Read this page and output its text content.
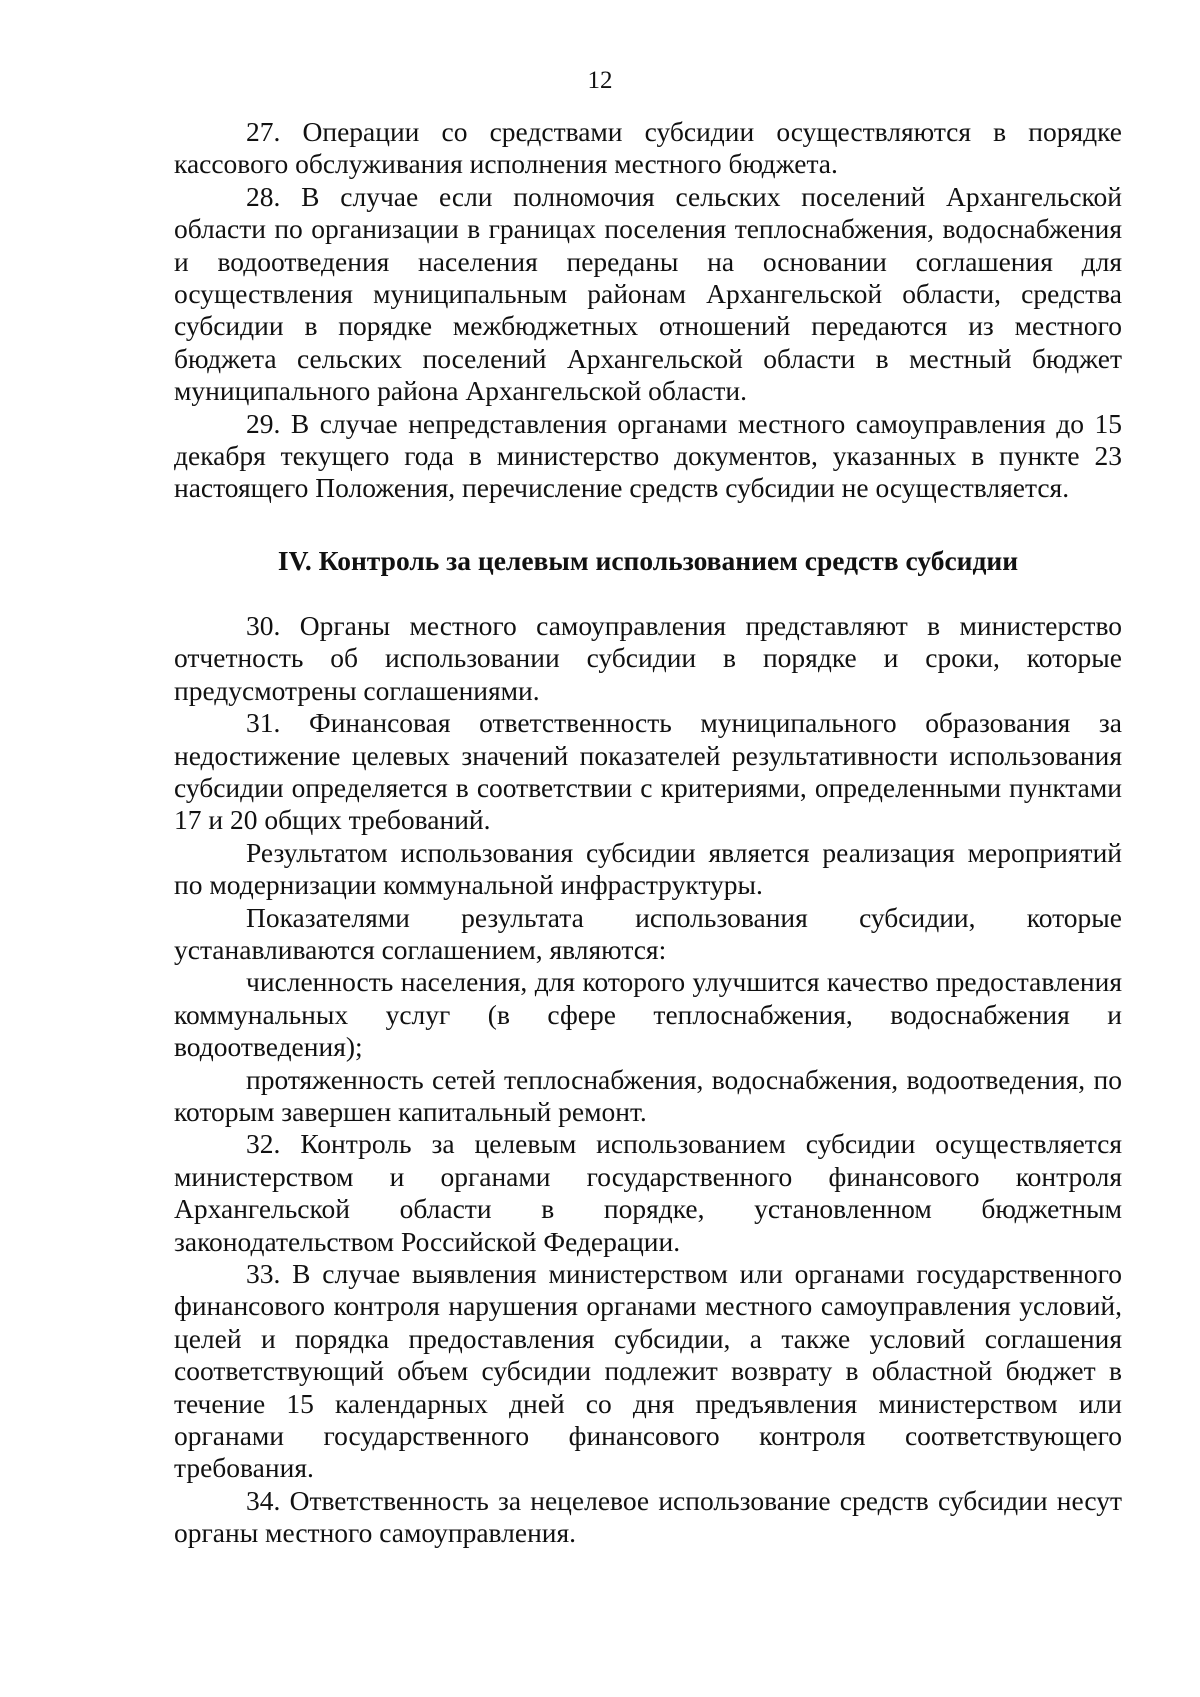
12

27. Операции со средствами субсидии осуществляются в порядке кассового обслуживания исполнения местного бюджета.

28. В случае если полномочия сельских поселений Архангельской области по организации в границах поселения теплоснабжения, водоснабжения и водоотведения населения переданы на основании соглашения для осуществления муниципальным районам Архангельской области, средства субсидии в порядке межбюджетных отношений передаются из местного бюджета сельских поселений Архангельской области в местный бюджет муниципального района Архангельской области.

29. В случае непредставления органами местного самоуправления до 15 декабря текущего года в министерство документов, указанных в пункте 23 настоящего Положения, перечисление средств субсидии не осуществляется.

IV. Контроль за целевым использованием средств субсидии

30. Органы местного самоуправления представляют в министерство отчетность об использовании субсидии в порядке и сроки, которые предусмотрены соглашениями.

31. Финансовая ответственность муниципального образования за недостижение целевых значений показателей результативности использования субсидии определяется в соответствии с критериями, определенными пунктами 17 и 20 общих требований.

Результатом использования субсидии является реализация мероприятий по модернизации коммунальной инфраструктуры.

Показателями результата использования субсидии, которые устанавливаются соглашением, являются:

численность населения, для которого улучшится качество предоставления коммунальных услуг (в сфере теплоснабжения, водоснабжения и водоотведения);

протяженность сетей теплоснабжения, водоснабжения, водоотведения, по которым завершен капитальный ремонт.

32. Контроль за целевым использованием субсидии осуществляется министерством и органами государственного финансового контроля Архангельской области в порядке, установленном бюджетным законодательством Российской Федерации.

33. В случае выявления министерством или органами государственного финансового контроля нарушения органами местного самоуправления условий, целей и порядка предоставления субсидии, а также условий соглашения соответствующий объем субсидии подлежит возврату в областной бюджет в течение 15 календарных дней со дня предъявления министерством или органами государственного финансового контроля соответствующего требования.

34. Ответственность за нецелевое использование средств субсидии несут органы местного самоуправления.
